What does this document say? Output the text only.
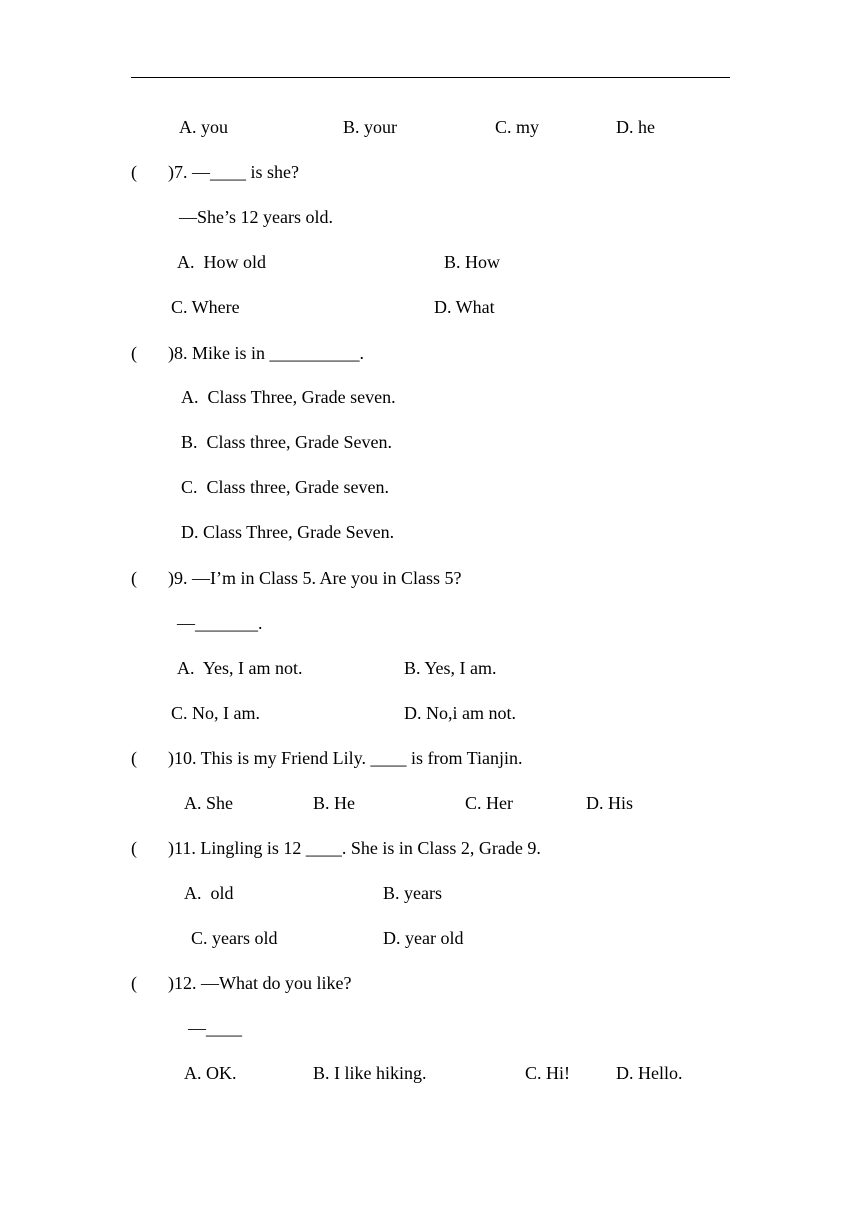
A. you	B. your	C. my	D. he
( )7. —____ is she?
—She’s 12 years old.
A.  How old	B. How
C. Where	D. What
( )8. Mike is in __________.
A.  Class Three, Grade seven.
B.  Class three, Grade Seven.
C.  Class three, Grade seven.
D. Class Three, Grade Seven.
( )9. —I’m in Class 5. Are you in Class 5?
—_______.
A.  Yes, I am not.	B. Yes, I am.
C. No, I am.	D. No,i am not.
( )10. This is my Friend Lily. ____ is from Tianjin.
A. She	B. He	C. Her	D. His
( )11. Lingling is 12 ____. She is in Class 2, Grade 9.
A.  old	B. years
C. years old	D. year old
( )12. —What do you like?
—____
A. OK.	B. I like hiking.	C. Hi!	D. Hello.
